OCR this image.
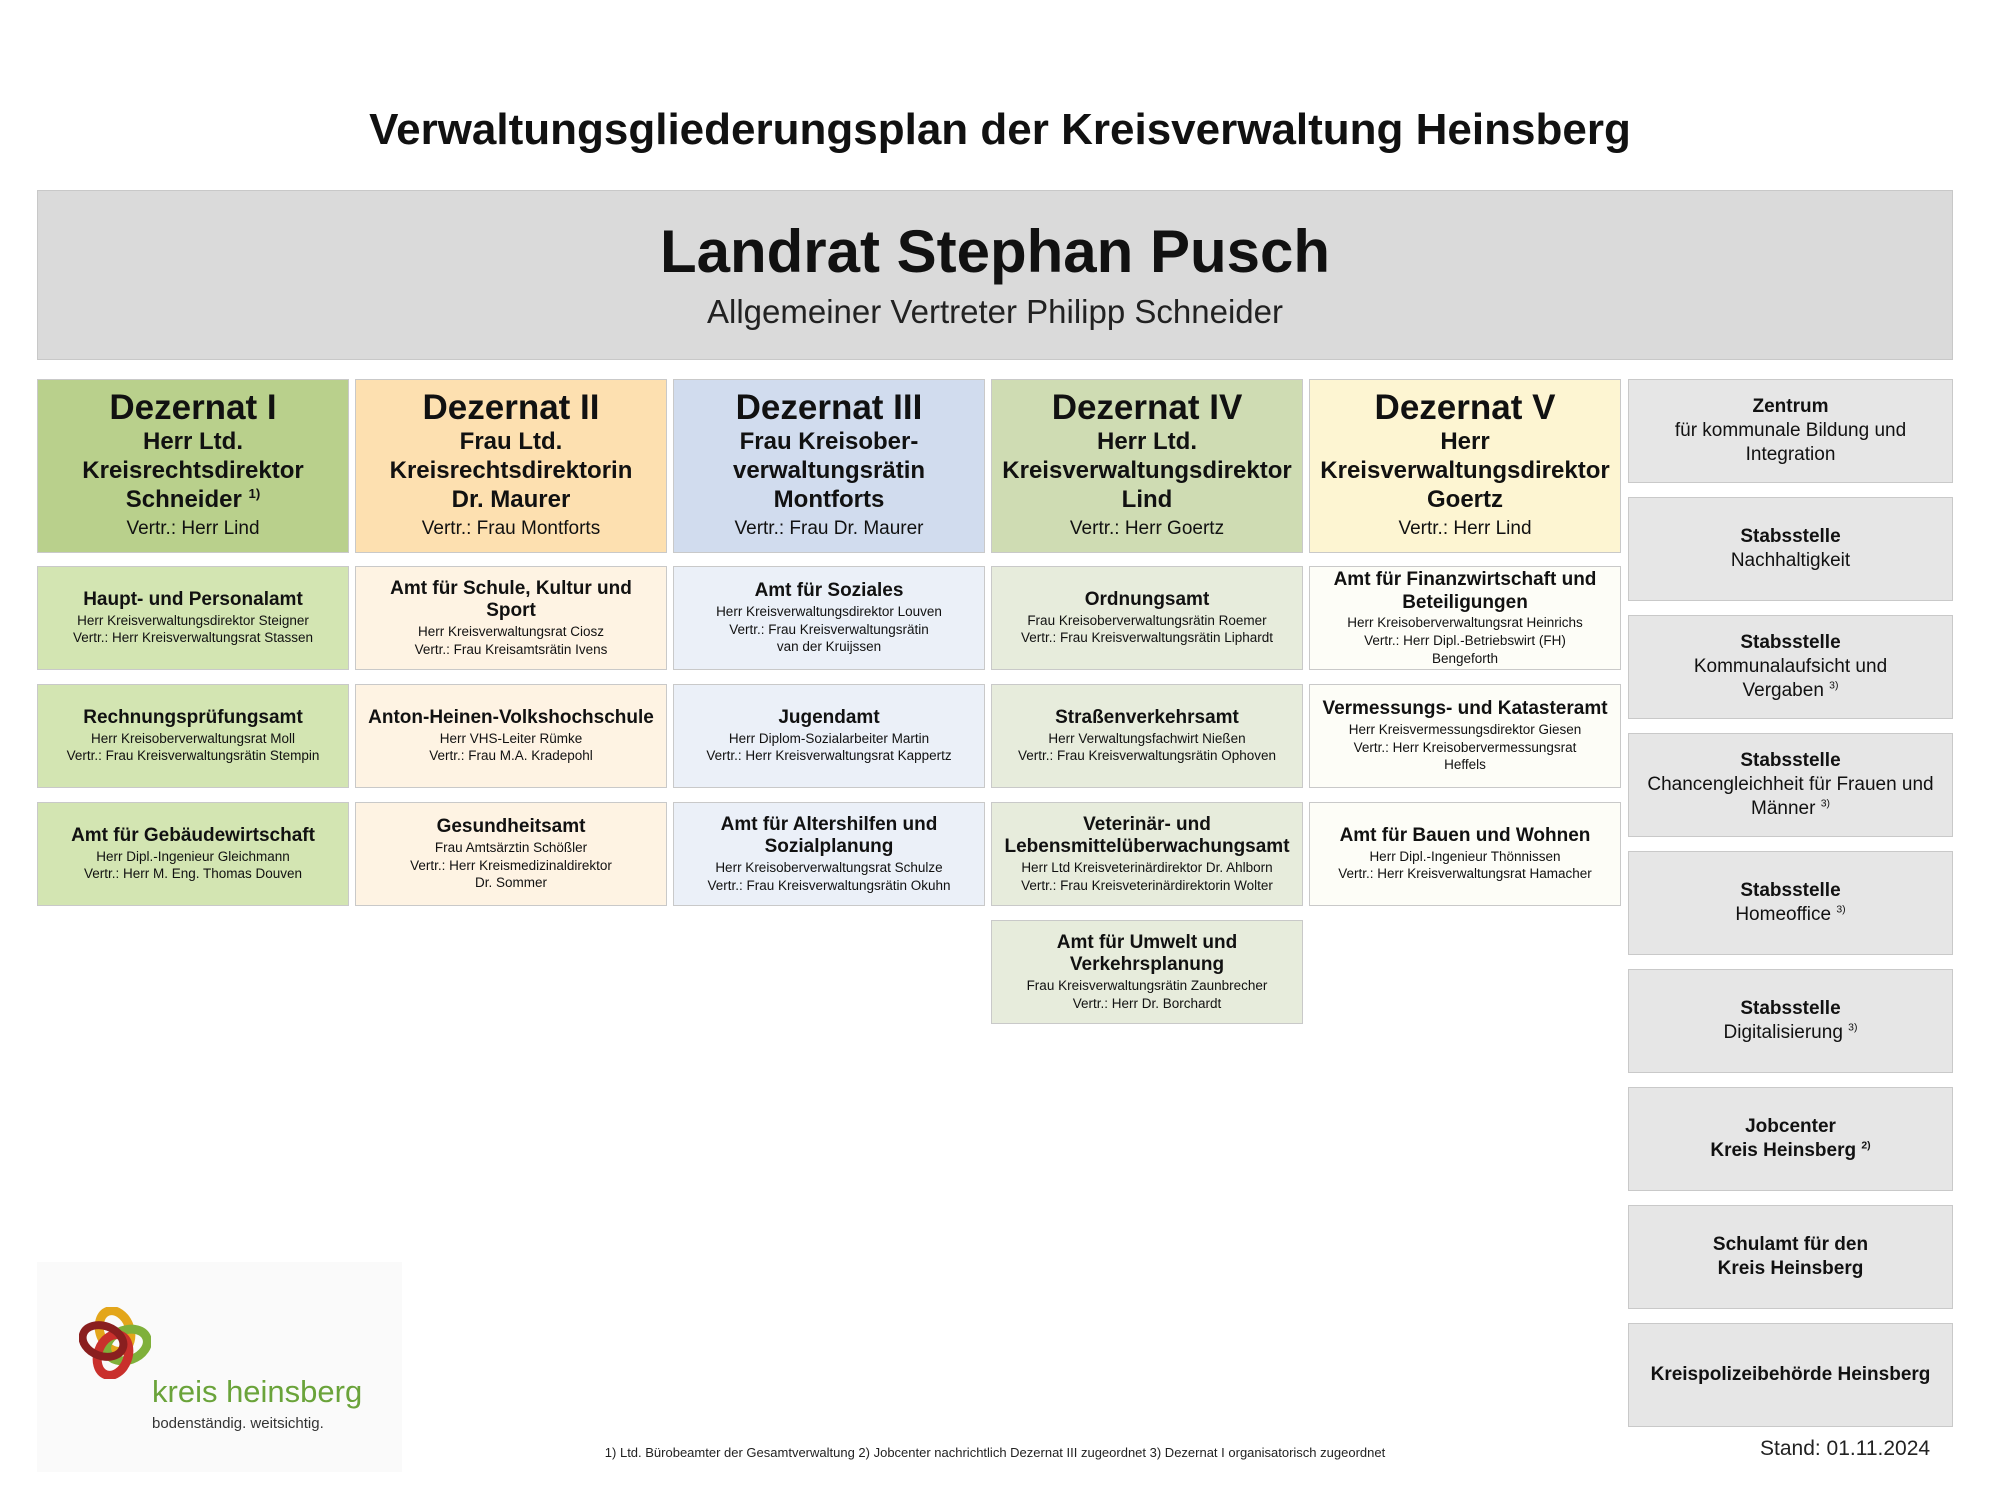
Verwaltungsgliederungsplan der Kreisverwaltung Heinsberg
Landrat Stephan Pusch
Allgemeiner Vertreter Philipp Schneider
Dezernat I
Herr Ltd.
Kreisrechtsdirektor
Schneider $^{1)}$
Vertr.: Herr Lind
Dezernat II
Frau Ltd.
Kreisrechtsdirektorin
Dr. Maurer
Vertr.: Frau Montforts
Dezernat III
Frau Kreisober-
verwaltungsrätin
Montforts
Vertr.: Frau Dr. Maurer
Dezernat IV
Herr Ltd.
Kreisverwaltungsdirektor
Lind
Vertr.: Herr Goertz
Dezernat V
Herr
Kreisverwaltungsdirektor
Goertz
Vertr.: Herr Lind
Haupt- und Personalamt
Herr Kreisverwaltungsdirektor Steigner
Vertr.: Herr Kreisverwaltungsrat Stassen
Rechnungsprüfungsamt
Herr Kreisoberverwaltungsrat Moll
Vertr.: Frau Kreisverwaltungsrätin Stempin
Amt für Gebäudewirtschaft
Herr Dipl.-Ingenieur Gleichmann
Vertr.: Herr M. Eng. Thomas Douven
Amt für Schule, Kultur und Sport
Herr Kreisverwaltungsrat Ciosz
Vertr.: Frau Kreisamtsrätin Ivens
Anton-Heinen-Volkshochschule
Herr VHS-Leiter Rümke
Vertr.: Frau M.A. Kradepohl
Gesundheitsamt
Frau Amtsärztin Schößler
Vertr.: Herr Kreismedizinaldirektor
Dr. Sommer
Amt für Soziales
Herr Kreisverwaltungsdirektor Louven
Vertr.: Frau Kreisverwaltungsrätin
van der Kruijssen
Jugendamt
Herr Diplom-Sozialarbeiter Martin
Vertr.: Herr Kreisverwaltungsrat Kappertz
Amt für Altershilfen und Sozialplanung
Herr Kreisoberverwaltungsrat Schulze
Vertr.: Frau Kreisverwaltungsrätin Okuhn
Ordnungsamt
Frau Kreisoberverwaltungsrätin Roemer
Vertr.: Frau Kreisverwaltungsrätin Liphardt
Straßenverkehrsamt
Herr Verwaltungsfachwirt Nießen
Vertr.: Frau Kreisverwaltungsrätin Ophoven
Veterinär- und Lebensmittelüberwachungsamt
Herr Ltd Kreisveterinärdirektor Dr. Ahlborn
Vertr.: Frau Kreisveterinärdirektorin Wolter
Amt für Umwelt und Verkehrsplanung
Frau Kreisverwaltungsrätin Zaunbrecher
Vertr.: Herr Dr. Borchardt
Amt für Finanzwirtschaft und Beteiligungen
Herr Kreisoberverwaltungsrat Heinrichs
Vertr.: Herr Dipl.-Betriebswirt (FH)
Bengeforth
Vermessungs- und Katasteramt
Herr Kreisvermessungsdirektor Giesen
Vertr.: Herr Kreisobervermessungsrat
Heffels
Amt für Bauen und Wohnen
Herr Dipl.-Ingenieur Thönnissen
Vertr.: Herr Kreisverwaltungsrat Hamacher
Zentrum
für kommunale Bildung und
Integration
Stabsstelle
Nachhaltigkeit
Stabsstelle
Kommunalaufsicht und
Vergaben $^{3)}$
Stabsstelle
Chancengleichheit für Frauen und
Männer $^{3)}$
Stabsstelle
Homeoffice $^{3)}$
Stabsstelle
Digitalisierung $^{3)}$
Jobcenter
Kreis Heinsberg $^{2)}$
Schulamt für den
Kreis Heinsberg
Kreispolizeibehörde Heinsberg
kreis heinsberg
bodenständig. weitsichtig.
1) Ltd. Bürobeamter der Gesamtverwaltung 2) Jobcenter nachrichtlich Dezernat III zugeordnet 3) Dezernat I organisatorisch zugeordnet	Stand: 01.11.2024
